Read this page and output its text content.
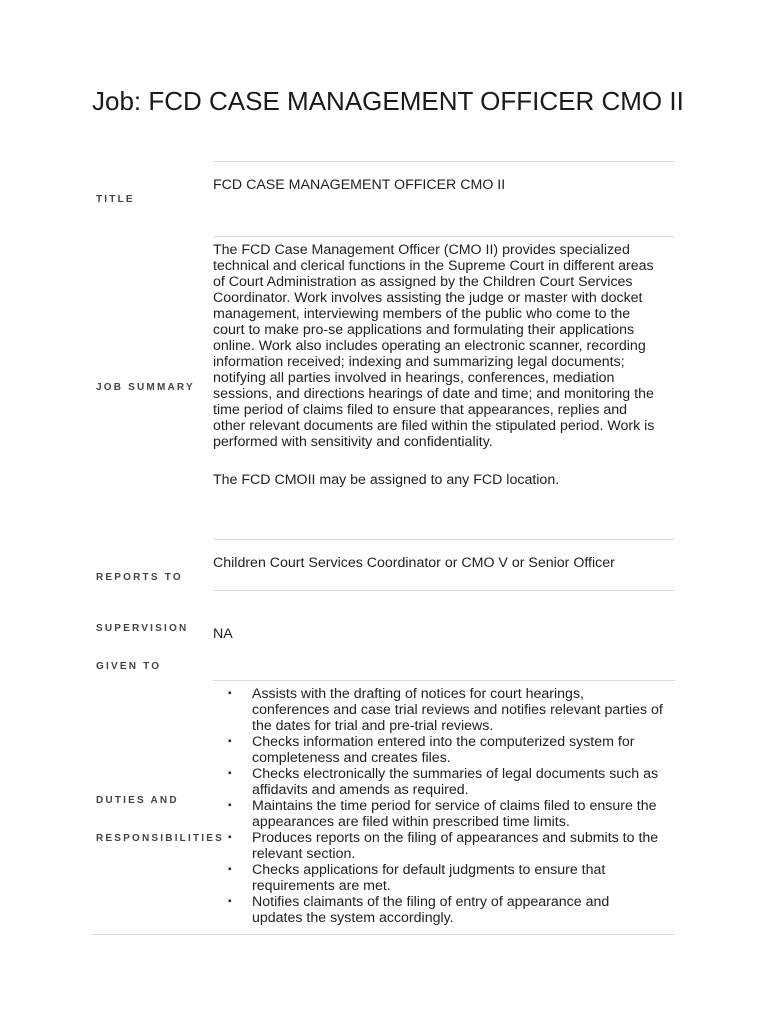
Job: FCD CASE MANAGEMENT OFFICER CMO II
TITLE
FCD CASE MANAGEMENT OFFICER CMO II
JOB SUMMARY

The FCD Case Management Officer (CMO II) provides specialized technical and clerical functions in the Supreme Court in different areas of Court Administration as assigned by the Children Court Services Coordinator. Work involves assisting the judge or master with docket management, interviewing members of the public who come to the court to make pro-se applications and formulating their applications online. Work also includes operating an electronic scanner, recording information received; indexing and summarizing legal documents; notifying all parties involved in hearings, conferences, mediation sessions, and directions hearings of date and time; and monitoring the time period of claims filed to ensure that appearances, replies and other relevant documents are filed within the stipulated period. Work is performed with sensitivity and confidentiality.

The FCD CMOII may be assigned to any FCD location.

REPORTS TO
Children Court Services Coordinator or CMO V or Senior Officer
SUPERVISION
GIVEN TO
NA
DUTIES AND
RESPONSIBILITIES
▪ Assists with the drafting of notices for court hearings, conferences and case trial reviews and notifies relevant parties of the dates for trial and pre-trial reviews.
▪ Checks information entered into the computerized system for completeness and creates files.
▪ Checks electronically the summaries of legal documents such as affidavits and amends as required.
▪ Maintains the time period for service of claims filed to ensure the appearances are filed within prescribed time limits.
▪ Produces reports on the filing of appearances and submits to the relevant section.
▪ Checks applications for default judgments to ensure that requirements are met.
▪ Notifies claimants of the filing of entry of appearance and updates the system accordingly.
